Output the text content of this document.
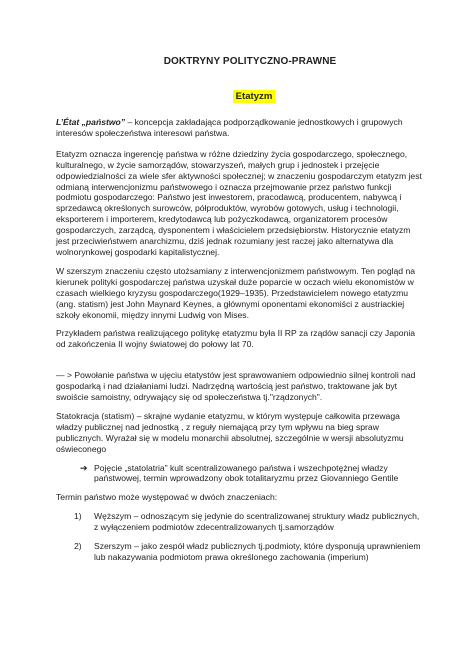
DOKTRYNY POLITYCZNO-PRAWNE
Etatyzm

L’État „państwo” – koncepcja zakładająca podporządkowanie jednostkowych i grupowych interesów społeczeństwa interesowi państwa.

Etatyzm oznacza ingerencję państwa w różne dziedziny życia gospodarczego, społecznego, kulturalnego, w życie samorządów, stowarzyszeń, małych grup i jednostek i przejęcie odpowiedzialności za wiele sfer aktywności społecznej; w znaczeniu gospodarczym etatyzm jest odmianą interwencjonizmu państwowego i oznacza przejmowanie przez państwo funkcji podmiotu gospodarczego: Państwo jest inwestorem, pracodawcą, producentem, nabywcą i sprzedawcą określonych surowców, półproduktów, wyrobów gotowych, usług i technologii, eksporterem i importerem, kredytodawcą lub pożyczkodawcą, organizatorem procesów gospodarczych, zarządcą, dysponentem i właścicielem przedsiębiorstw. Historycznie etatyzm jest przeciwieństwem anarchizmu, dziś jednak rozumiany jest raczej jako alternatywa dla wolnorynkowej gospodarki kapitalistycznej.

W szerszym znaczeniu często utożsamiany z interwencjonizmem państwowym. Ten pogląd na kierunek polityki gospodarczej państwa uzyskał duże poparcie w oczach wielu ekonomistów w czasach wielkiego kryzysu gospodarczego(1929–1935). Przedstawicielem nowego etatyzmu (ang. statism) jest John Maynard Keynes, a głównymi oponentami ekonomiści z austriackiej szkoły ekonomii, między innymi Ludwig von Mises.

Przykładem państwa realizującego politykę etatyzmu była II RP za rządów sanacji czy Japonia od zakończenia II wojny światowej do połowy lat 70.

— > Powołanie państwa w ujęciu etatystów jest sprawowaniem odpowiednio silnej kontroli nad gospodarką i nad działaniami ludzi. Nadrzędną wartością jest państwo, traktowane jak byt swoiście samoistny, odrywający się od społeczeństwa tj."rządzonych".

Statokracja (statism) – skrajne wydanie etatyzmu, w którym występuje całkowita przewaga władzy publicznej nad jednostką , z reguły niemającą przy tym wpływu na bieg spraw publicznych. Wyrażał się w modelu monarchii absolutnej, szczególnie w wersji absolutyzmu oświeconego

➔ Pojęcie „statolatria” kult scentralizowanego państwa i wszechpotężnej władzy państwowej, termin wprowadzony obok totalitaryzmu przez Giovanniego Gentile

Termin państwo może występować w dwóch znaczeniach:

1)	Węższym – odnoszącym się jedynie do scentralizowanej struktury władz publicznych, z wyłączeniem podmiotów zdecentralizowanych tj.samorządów
2)	Szerszym – jako zespół władz publicznych tj.podmioty, które dysponują uprawnieniem lub nakazywania podmiotom prawa określonego zachowania (imperium)
